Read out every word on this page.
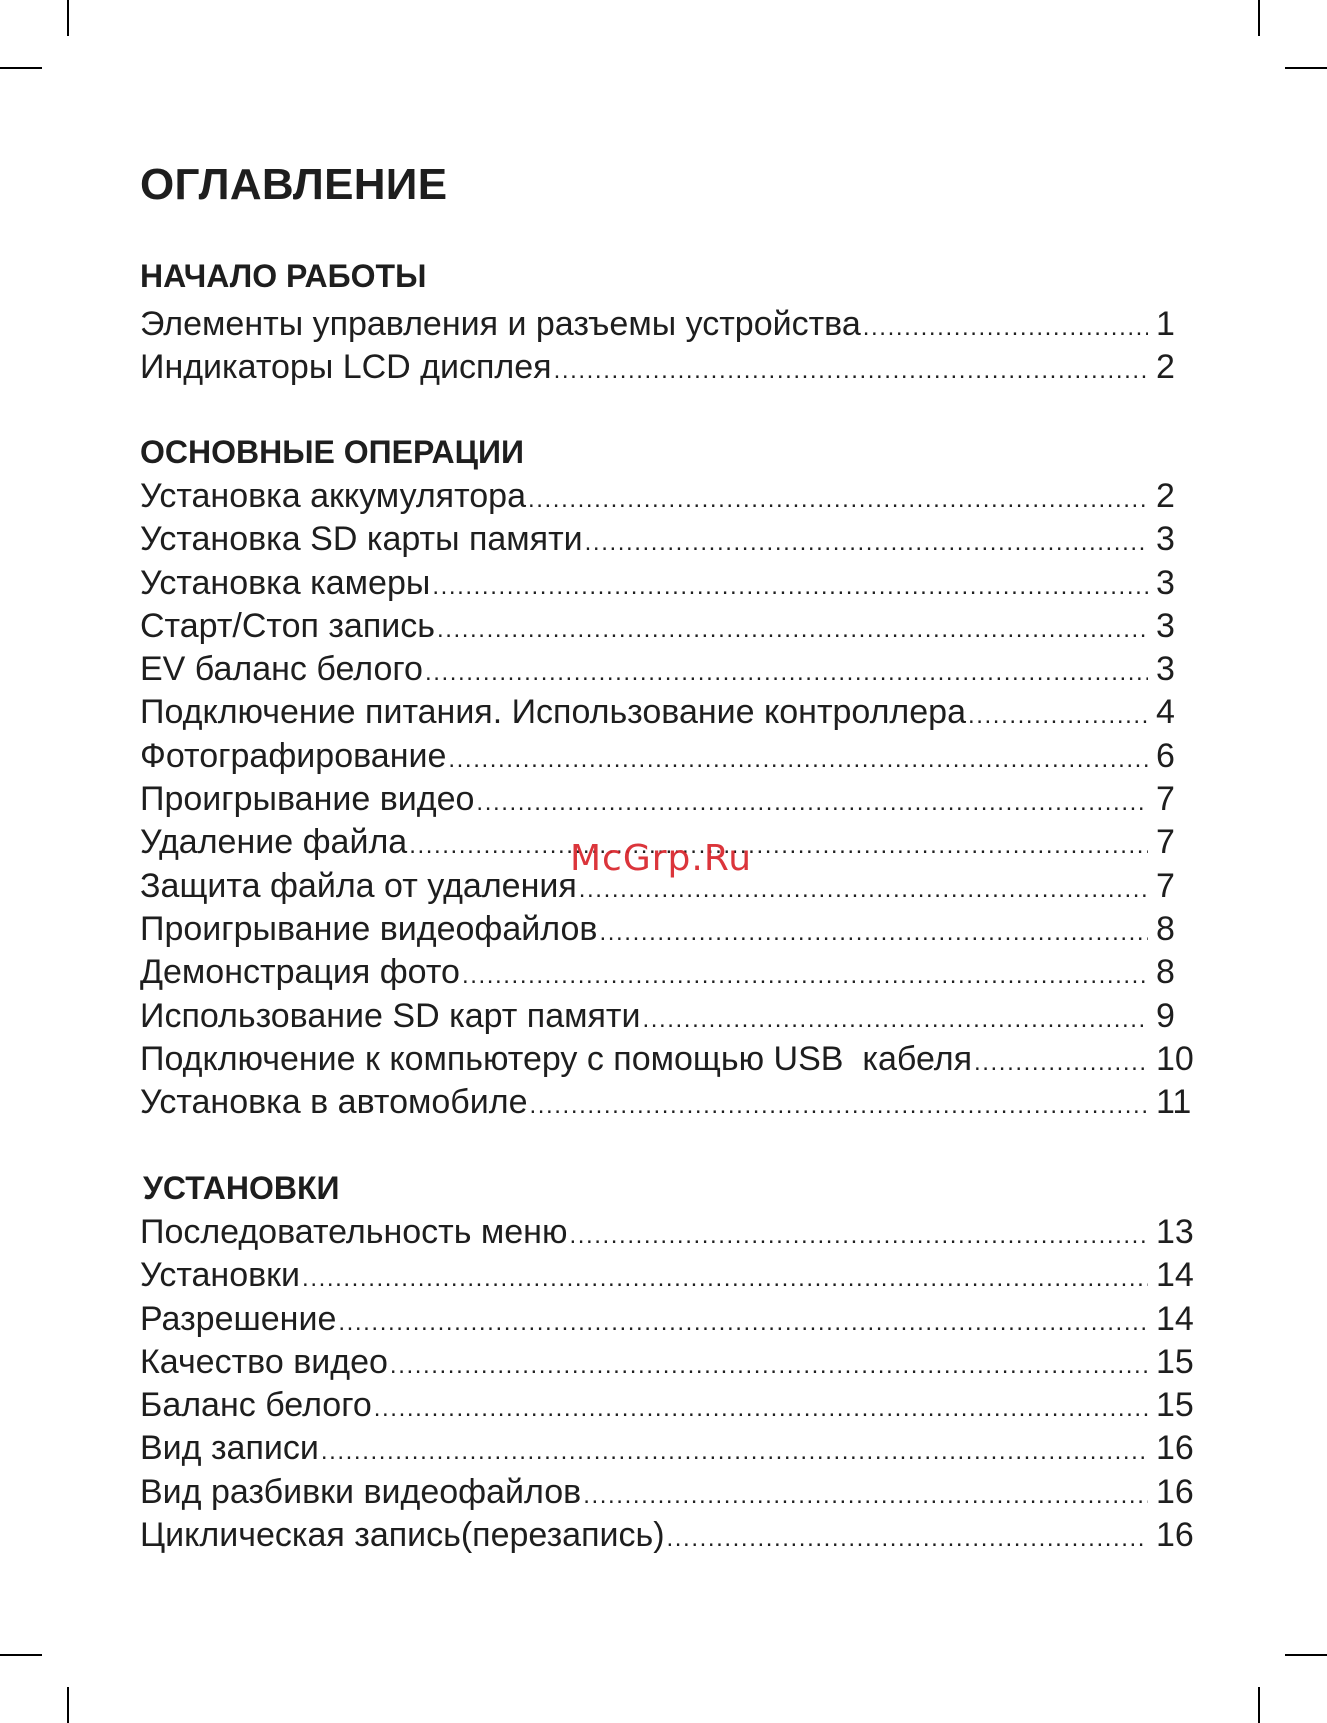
ОГЛАВЛЕНИЕ
НАЧАЛО РАБОТЫ
Элементы управления и разъемы устройства .....	1
Индикаторы LCD дисплея .....	2
ОСНОВНЫЕ ОПЕРАЦИИ
Установка аккумулятора .....	2
Установка SD карты памяти .....	3
Установка камеры .....	3
Старт/Стоп запись .....	3
EV баланс белого .....	3
Подключение питания. Использование контроллера .....	4
Фотографирование .....	6
Проигрывание видео .....	7
Удаление файла .....	7
Защита файла от удаления .....	7
Проигрывание видеофайлов .....	8
Демонстрация фото .....	8
Использование SD карт памяти .....	9
Подключение к компьютеру с помощью USB  кабеля .....	10
Установка в автомобиле .....	11
УСТАНОВКИ
Последовательность меню .....	13
Установки .....	14
Разрешение .....	14
Качество видео .....	15
Баланс белого .....	15
Вид записи .....	16
Вид разбивки видеофайлов .....	16
Циклическая запись(перезапись) .....	16
McGrp.Ru
